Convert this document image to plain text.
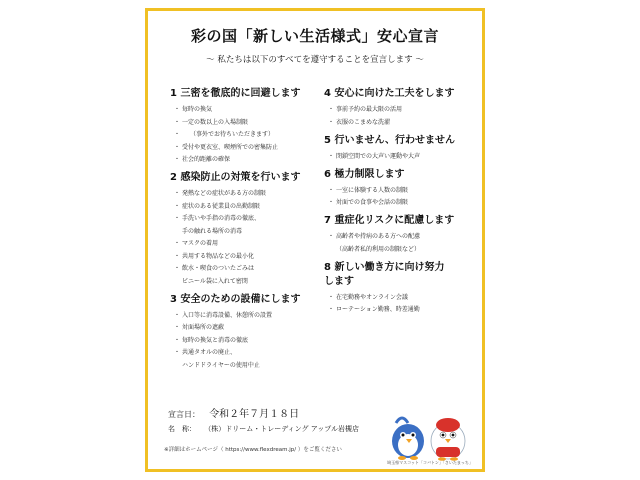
彩の国「新しい生活様式」安心宣言
～ 私たちは以下のすべてを遵守することを宣言します ～
1 三密を徹底的に回避します
・ 毎時の換気
・ 一定の数以上の入場制限
・ （事外でお待ちいただきます）
・ 受付や更衣室、喫煙所での密集防止
・ 社会的距離の確保
2 感染防止の対策を行います
・ 発熱などの症状がある方の制限
・ 症状のある従業員の出勤制限
・ 手洗いや手指の消毒の徹底、
手の触れる場所の消毒
・ マスクの着用
・ 共用する物品などの最小化
・ 飲水・喫食のついたごみは
ビニール袋に入れて密閉
3 安全のための設備にします
・ 入口等に消毒設備、休憩所の設置
・ 対面場所の遮蔽
・ 毎時の換気と消毒の徹底
・ 共通タオルの廃止、
ハンドドライヤーの使用中止
4 安心に向けた工夫をします
・ 事前予約の最大限の活用
・ 衣服のこまめな洗濯
5 行いません、行わせません
・ 閉鎖空間での大声い運動や大声
6 極力制限します
・ 一室に体験する人数の制限
・ 対面での食事や会話の制限
7 重症化リスクに配慮します
・ 高齢者や持病のある方への配慮
（高齢者私的利用の制限など）
8 新しい働き方に向け努力します
・ 在宅勤務やオンライン会議
・ ローテーション勤務、時差通勤
宣言日： 令和２年７月１８日
名　称： （株）ドリーム・トレーディング アップル岩槻店
※詳細はホームページ（ https://www.flexdream.jp/ ）をご覧ください
埼玉県マスコット「コバトン」「さいたまっち」
